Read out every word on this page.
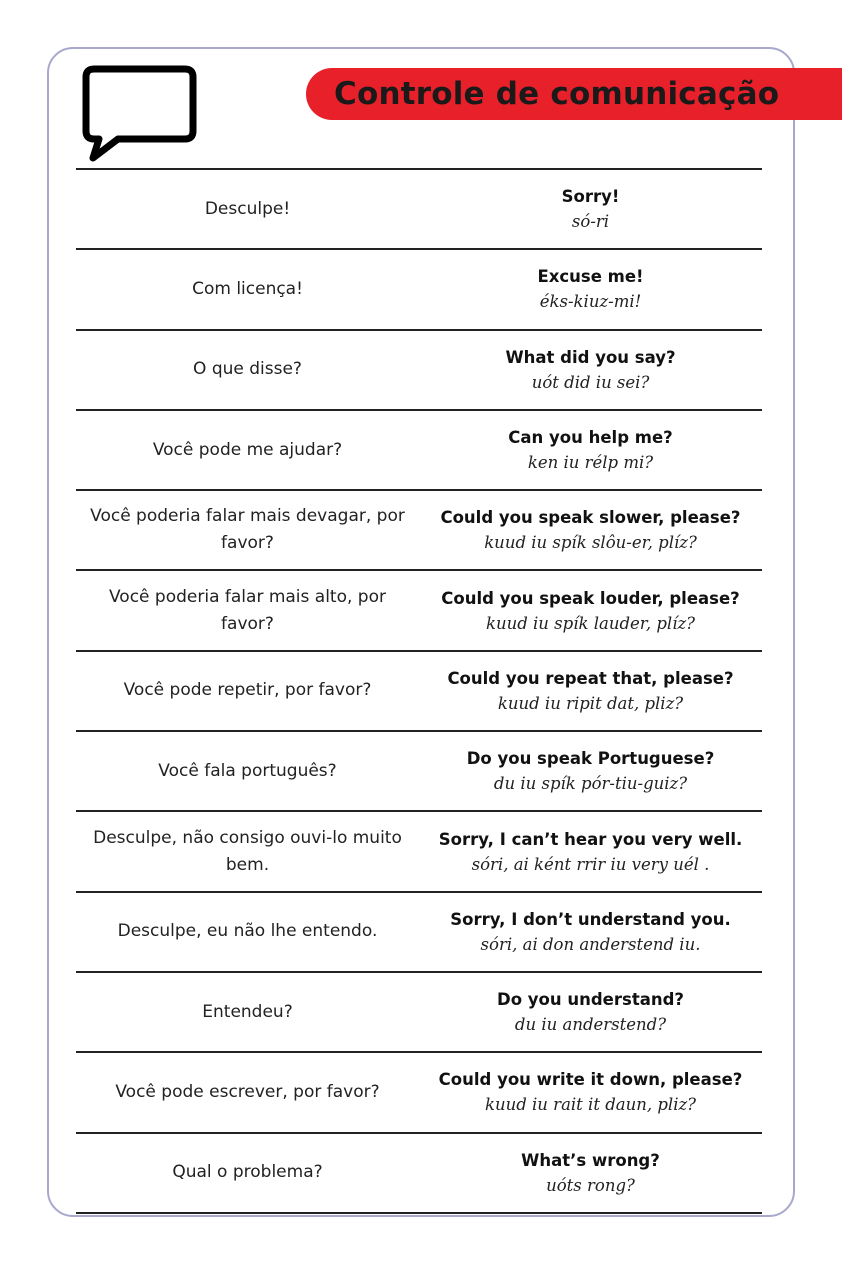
Controle de comunicação
Desculpe!
Sorry!
só-ri
Com licença!
Excuse me!
éks-kiuz-mi!
O que disse?
What did you say?
uót did iu sei?
Você pode me ajudar?
Can you help me?
ken iu rélp mi?
Você poderia falar mais devagar, por favor?
Could you speak slower, please?
kuud iu spík slôu-er, plíz?
Você poderia falar mais alto, por favor?
Could you speak louder, please?
kuud iu spík lauder, plíz?
Você pode repetir, por favor?
Could you repeat that, please?
kuud iu ripit dat, pliz?
Você fala português?
Do you speak Portuguese?
du iu spík pór-tiu-guiz?
Desculpe, não consigo ouvi-lo muito bem.
Sorry, I can’t hear you very well.
sóri, ai ként rrir iu very uél .
Desculpe, eu não lhe entendo.
Sorry, I don’t understand you.
sóri, ai don anderstend iu.
Entendeu?
Do you understand?
du iu anderstend?
Você pode escrever, por favor?
Could you write it down, please?
kuud iu rait it daun, pliz?
Qual o problema?
What’s wrong?
uóts rong?
